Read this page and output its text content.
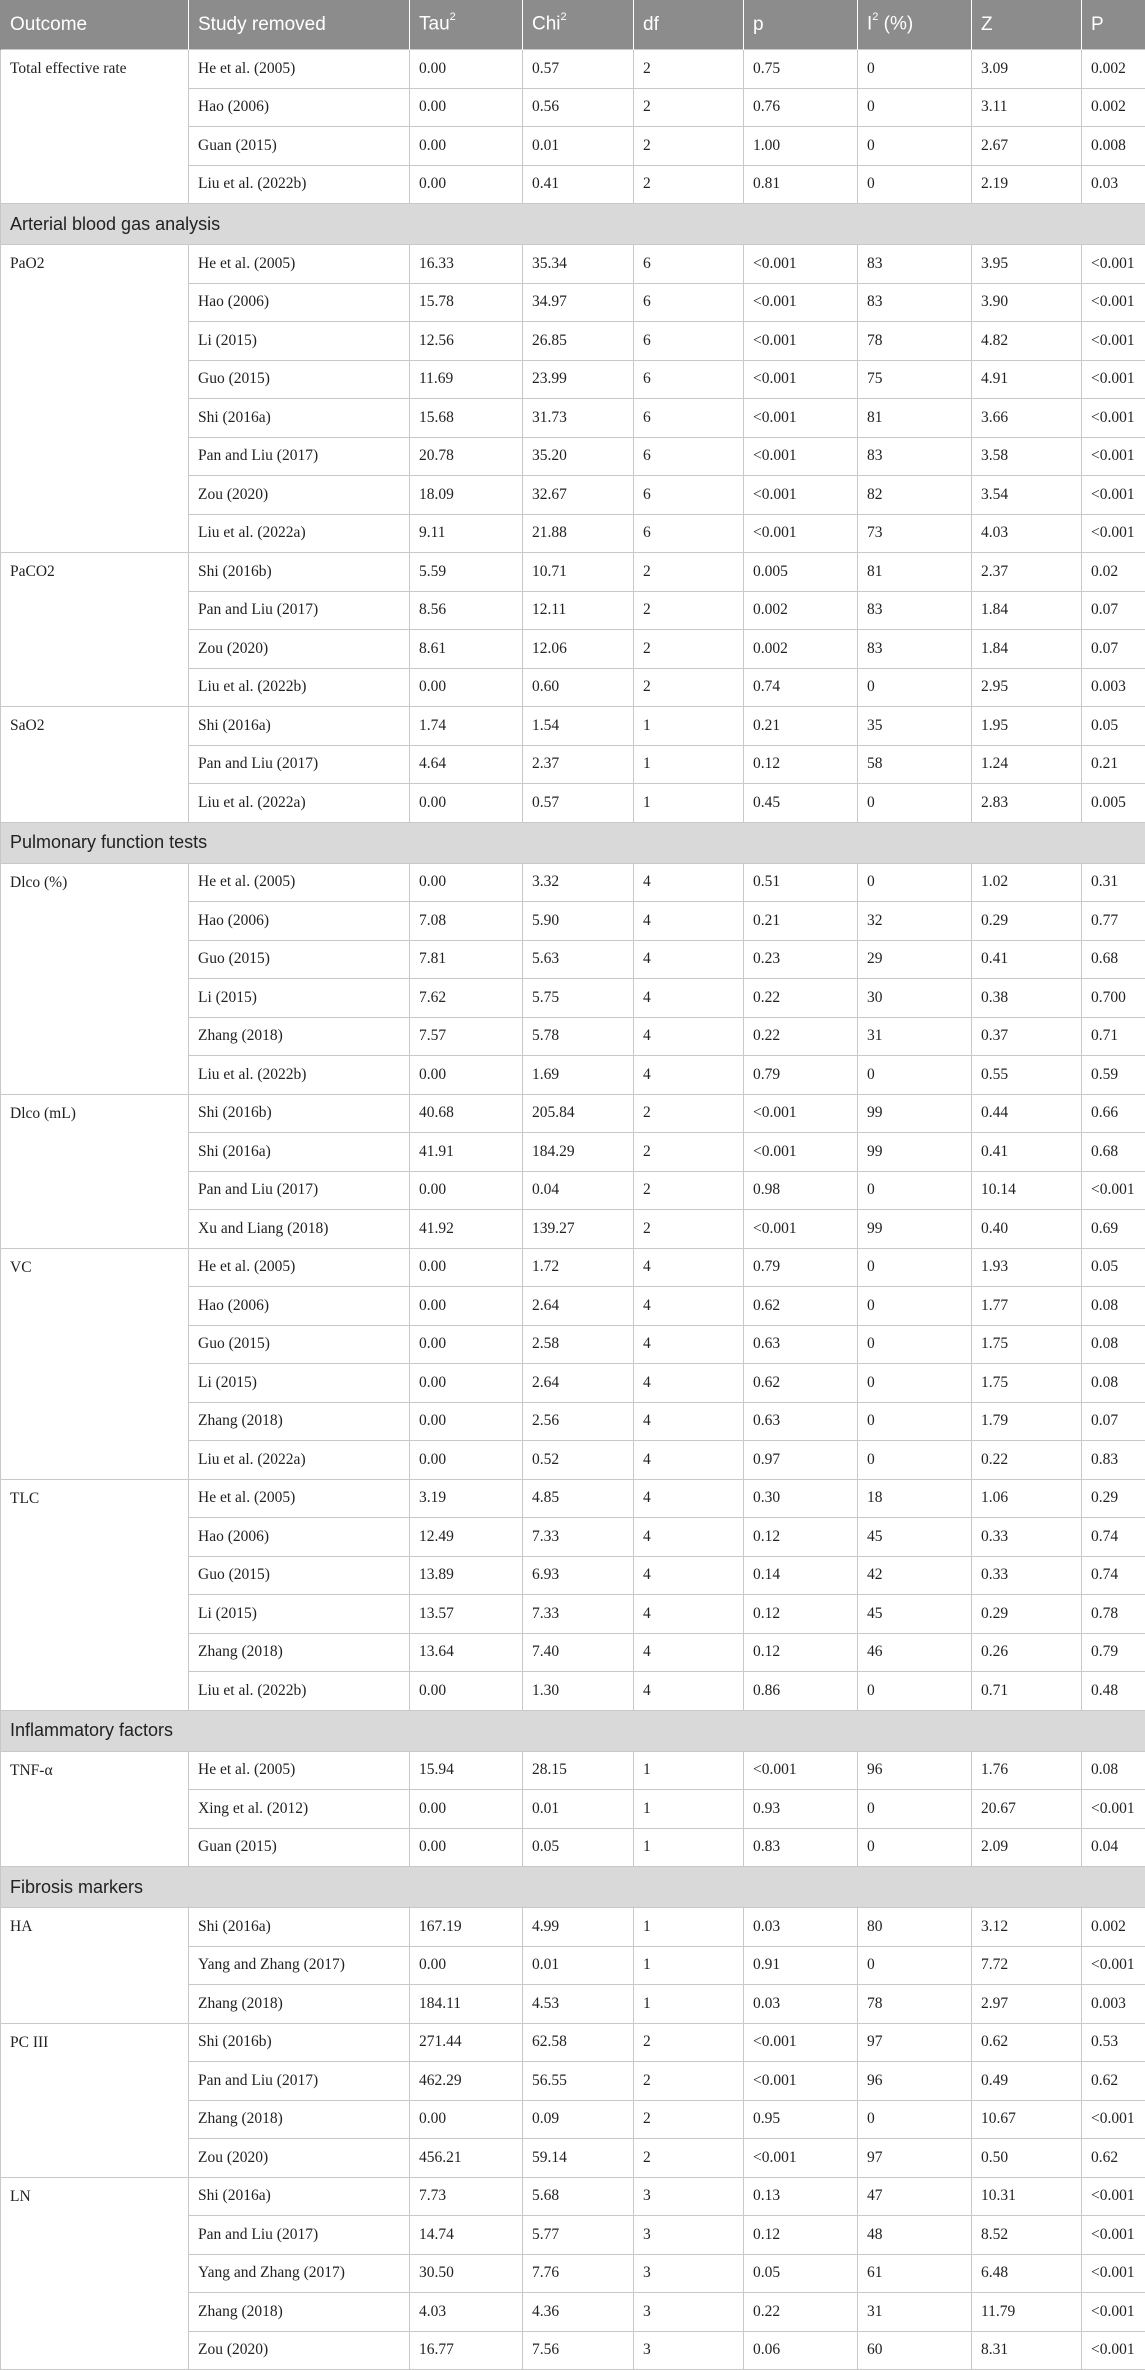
Outcome	Study removed	Tau$^2$	Chi$^2$	df	p	$I^2$ (%)	Z	P
Total effective rate	He et al. (2005)	0.00	0.57	2	0.75	0	3.09	0.002
	Hao (2006)	0.00	0.56	2	0.76	0	3.11	0.002
	Guan (2015)	0.00	0.01	2	1.00	0	2.67	0.008
	Liu et al. (2022b)	0.00	0.41	2	0.81	0	2.19	0.03
Arterial blood gas analysis								
PaO2	He et al. (2005)	16.33	35.34	6	<0.001	83	3.95	<0.001
	Hao (2006)	15.78	34.97	6	<0.001	83	3.90	<0.001
	Li (2015)	12.56	26.85	6	<0.001	78	4.82	<0.001
	Guo (2015)	11.69	23.99	6	<0.001	75	4.91	<0.001
	Shi (2016a)	15.68	31.73	6	<0.001	81	3.66	<0.001
	Pan and Liu (2017)	20.78	35.20	6	<0.001	83	3.58	<0.001
	Zou (2020)	18.09	32.67	6	<0.001	82	3.54	<0.001
	Liu et al. (2022a)	9.11	21.88	6	<0.001	73	4.03	<0.001
PaCO2	Shi (2016b)	5.59	10.71	2	0.005	81	2.37	0.02
	Pan and Liu (2017)	8.56	12.11	2	0.002	83	1.84	0.07
	Zou (2020)	8.61	12.06	2	0.002	83	1.84	0.07
	Liu et al. (2022b)	0.00	0.60	2	0.74	0	2.95	0.003
SaO2	Shi (2016a)	1.74	1.54	1	0.21	35	1.95	0.05
	Pan and Liu (2017)	4.64	2.37	1	0.12	58	1.24	0.21
	Liu et al. (2022a)	0.00	0.57	1	0.45	0	2.83	0.005
Pulmonary function tests								
Dlco (%)	He et al. (2005)	0.00	3.32	4	0.51	0	1.02	0.31
	Hao (2006)	7.08	5.90	4	0.21	32	0.29	0.77
	Guo (2015)	7.81	5.63	4	0.23	29	0.41	0.68
	Li (2015)	7.62	5.75	4	0.22	30	0.38	0.700
	Zhang (2018)	7.57	5.78	4	0.22	31	0.37	0.71
	Liu et al. (2022b)	0.00	1.69	4	0.79	0	0.55	0.59
Dlco (mL)	Shi (2016b)	40.68	205.84	2	<0.001	99	0.44	0.66
	Shi (2016a)	41.91	184.29	2	<0.001	99	0.41	0.68
	Pan and Liu (2017)	0.00	0.04	2	0.98	0	10.14	<0.001
	Xu and Liang (2018)	41.92	139.27	2	<0.001	99	0.40	0.69
VC	He et al. (2005)	0.00	1.72	4	0.79	0	1.93	0.05
	Hao (2006)	0.00	2.64	4	0.62	0	1.77	0.08
	Guo (2015)	0.00	2.58	4	0.63	0	1.75	0.08
	Li (2015)	0.00	2.64	4	0.62	0	1.75	0.08
	Zhang (2018)	0.00	2.56	4	0.63	0	1.79	0.07
	Liu et al. (2022a)	0.00	0.52	4	0.97	0	0.22	0.83
TLC	He et al. (2005)	3.19	4.85	4	0.30	18	1.06	0.29
	Hao (2006)	12.49	7.33	4	0.12	45	0.33	0.74
	Guo (2015)	13.89	6.93	4	0.14	42	0.33	0.74
	Li (2015)	13.57	7.33	4	0.12	45	0.29	0.78
	Zhang (2018)	13.64	7.40	4	0.12	46	0.26	0.79
	Liu et al. (2022b)	0.00	1.30	4	0.86	0	0.71	0.48
Inflammatory factors								
TNF-α	He et al. (2005)	15.94	28.15	1	<0.001	96	1.76	0.08
	Xing et al. (2012)	0.00	0.01	1	0.93	0	20.67	<0.001
	Guan (2015)	0.00	0.05	1	0.83	0	2.09	0.04
Fibrosis markers								
HA	Shi (2016a)	167.19	4.99	1	0.03	80	3.12	0.002
	Yang and Zhang (2017)	0.00	0.01	1	0.91	0	7.72	<0.001
	Zhang (2018)	184.11	4.53	1	0.03	78	2.97	0.003
PC III	Shi (2016b)	271.44	62.58	2	<0.001	97	0.62	0.53
	Pan and Liu (2017)	462.29	56.55	2	<0.001	96	0.49	0.62
	Zhang (2018)	0.00	0.09	2	0.95	0	10.67	<0.001
	Zou (2020)	456.21	59.14	2	<0.001	97	0.50	0.62
LN	Shi (2016a)	7.73	5.68	3	0.13	47	10.31	<0.001
	Pan and Liu (2017)	14.74	5.77	3	0.12	48	8.52	<0.001
	Yang and Zhang (2017)	30.50	7.76	3	0.05	61	6.48	<0.001
	Zhang (2018)	4.03	4.36	3	0.22	31	11.79	<0.001
	Zou (2020)	16.77	7.56	3	0.06	60	8.31	<0.001
